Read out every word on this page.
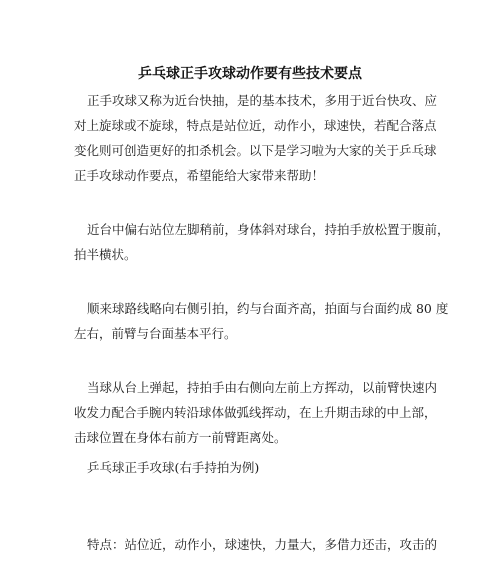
乒乓球正手攻球动作要有些技术要点
正手攻球又称为近台快抽，是的基本技术，多用于近台快攻、应
对上旋球或不旋球，特点是站位近，动作小，球速快，若配合落点
变化则可创造更好的扣杀机会。以下是学习啦为大家的关于乒乓球
正手攻球动作要点，希望能给大家带来帮助！
近台中偏右站位左脚稍前，身体斜对球台，持拍手放松置于腹前，
拍半横状。
顺来球路线略向右侧引拍，约与台面齐高，拍面与台面约成 80 度
左右，前臂与台面基本平行。
当球从台上弹起，持拍手由右侧向左前上方挥动，以前臂快速内
收发力配合手腕内转沿球体做弧线挥动，在上升期击球的中上部，
击球位置在身体右前方一前臂距离处。
乒乓球正手攻球(右手持拍为例)
特点：站位近，动作小，球速快，力量大，多借力还击，攻击的
